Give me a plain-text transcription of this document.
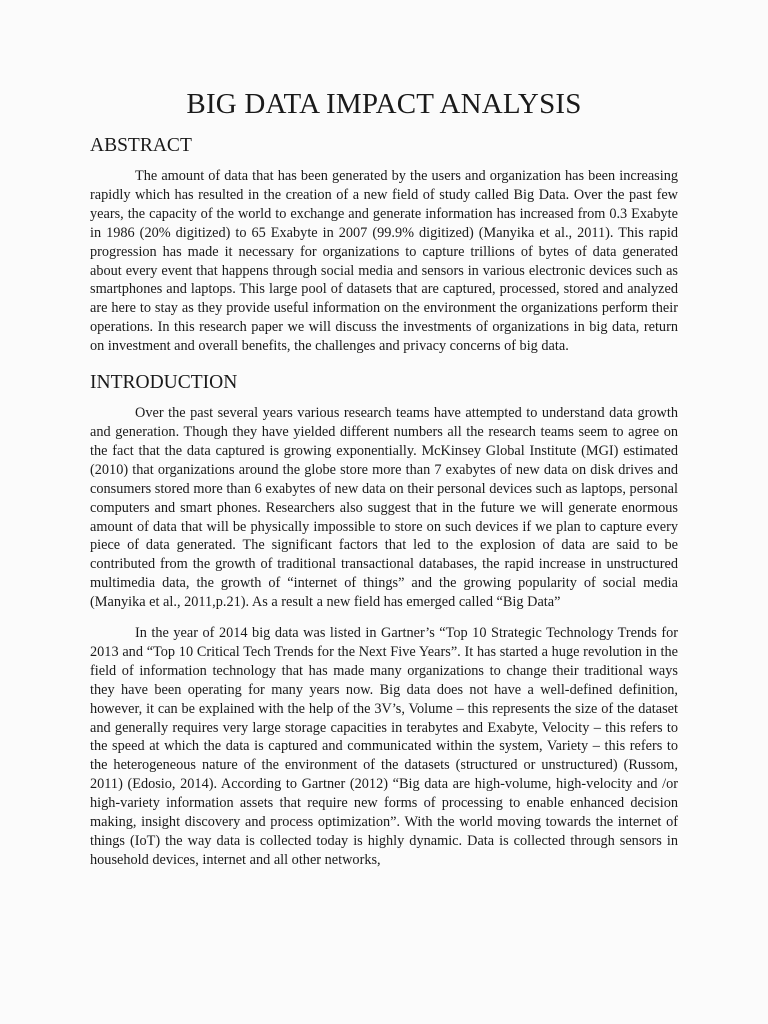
BIG DATA IMPACT ANALYSIS
ABSTRACT

The amount of data that has been generated by the users and organization has been increasing rapidly which has resulted in the creation of a new field of study called Big Data. Over the past few years, the capacity of the world to exchange and generate information has increased from 0.3 Exabyte in 1986 (20% digitized) to 65 Exabyte in 2007 (99.9% digitized) (Manyika et al., 2011). This rapid progression has made it necessary for organizations to capture trillions of bytes of data generated about every event that happens through social media and sensors in various electronic devices such as smartphones and laptops. This large pool of datasets that are captured, processed, stored and analyzed are here to stay as they provide useful information on the environment the organizations perform their operations. In this research paper we will discuss the investments of organizations in big data, return on investment and overall benefits, the challenges and privacy concerns of big data.

INTRODUCTION

Over the past several years various research teams have attempted to understand data growth and generation. Though they have yielded different numbers all the research teams seem to agree on the fact that the data captured is growing exponentially. McKinsey Global Institute (MGI) estimated (2010) that organizations around the globe store more than 7 exabytes of new data on disk drives and consumers stored more than 6 exabytes of new data on their personal devices such as laptops, personal computers and smart phones. Researchers also suggest that in the future we will generate enormous amount of data that will be physically impossible to store on such devices if we plan to capture every piece of data generated. The significant factors that led to the explosion of data are said to be contributed from the growth of traditional transactional databases, the rapid increase in unstructured multimedia data, the growth of “internet of things” and the growing popularity of social media (Manyika et al., 2011,p.21). As a result a new field has emerged called “Big Data”

In the year of 2014 big data was listed in Gartner’s “Top 10 Strategic Technology Trends for 2013 and “Top 10 Critical Tech Trends for the Next Five Years”. It has started a huge revolution in the field of information technology that has made many organizations to change their traditional ways they have been operating for many years now. Big data does not have a well-defined definition, however, it can be explained with the help of the 3V’s, Volume – this represents the size of the dataset and generally requires very large storage capacities in terabytes and Exabyte, Velocity – this refers to the speed at which the data is captured and communicated within the system, Variety – this refers to the heterogeneous nature of the environment of the datasets (structured or unstructured) (Russom, 2011) (Edosio, 2014). According to Gartner (2012) “Big data are high-volume, high-velocity and /or high-variety information assets that require new forms of processing to enable enhanced decision making, insight discovery and process optimization”. With the world moving towards the internet of things (IoT) the way data is collected today is highly dynamic. Data is collected through sensors in household devices, internet and all other networks,
